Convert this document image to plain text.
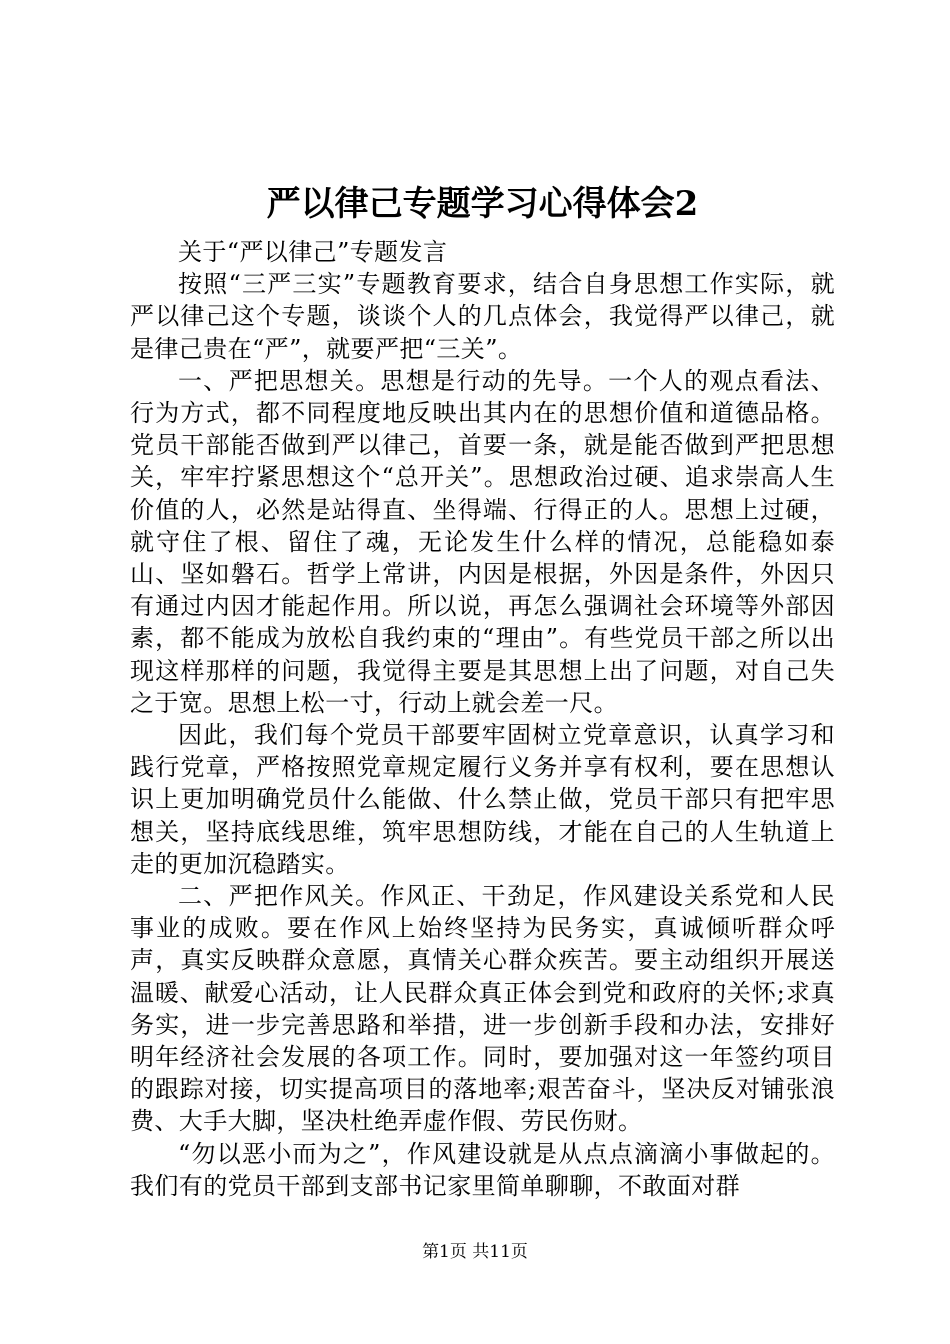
严以律己专题学习心得体会2

关于“严以律己”专题发言

按照“三严三实”专题教育要求，结合自身思想工作实际，就严以律己这个专题，谈谈个人的几点体会，我觉得严以律己，就是律己贵在“严”，就要严把“三关”。

一、严把思想关。思想是行动的先导。一个人的观点看法、行为方式，都不同程度地反映出其内在的思想价值和道德品格。党员干部能否做到严以律己，首要一条，就是能否做到严把思想关，牢牢拧紧思想这个“总开关”。思想政治过硬、追求崇高人生价值的人，必然是站得直、坐得端、行得正的人。思想上过硬，就守住了根、留住了魂，无论发生什么样的情况，总能稳如泰山、坚如磐石。哲学上常讲，内因是根据，外因是条件，外因只有通过内因才能起作用。所以说，再怎么强调社会环境等外部因素，都不能成为放松自我约束的“理由”。有些党员干部之所以出现这样那样的问题，我觉得主要是其思想上出了问题，对自己失之于宽。思想上松一寸，行动上就会差一尺。

因此，我们每个党员干部要牢固树立党章意识，认真学习和践行党章，严格按照党章规定履行义务并享有权利，要在思想认识上更加明确党员什么能做、什么禁止做，党员干部只有把牢思想关，坚持底线思维，筑牢思想防线，才能在自己的人生轨道上走的更加沉稳踏实。

二、严把作风关。作风正、干劲足，作风建设关系党和人民事业的成败。要在作风上始终坚持为民务实，真诚倾听群众呼声，真实反映群众意愿，真情关心群众疾苦。要主动组织开展送温暖、献爱心活动，让人民群众真正体会到党和政府的关怀;求真务实，进一步完善思路和举措，进一步创新手段和办法，安排好明年经济社会发展的各项工作。同时，要加强对这一年签约项目的跟踪对接，切实提高项目的落地率;艰苦奋斗，坚决反对铺张浪费、大手大脚，坚决杜绝弄虚作假、劳民伤财。

“勿以恶小而为之”，作风建设就是从点点滴滴小事做起的。我们有的党员干部到支部书记家里简单聊聊，不敢面对群

第1页 共11页
